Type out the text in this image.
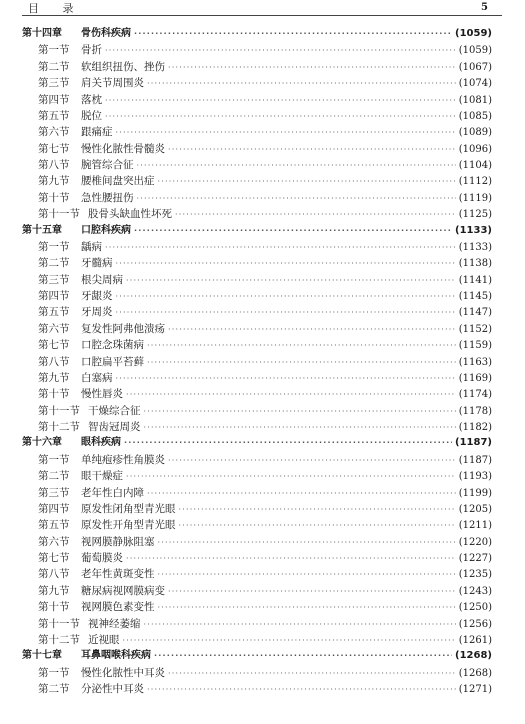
目 录	5
第十四章	骨伤科疾病 ·····	(1059)
第一节	骨折 ·····	(1059)
第二节	软组织扭伤、挫伤 ·····	(1067)
第三节	肩关节周围炎 ·····	(1074)
第四节	落枕 ·····	(1081)
第五节	脱位 ·····	(1085)
第六节	跟痛症 ·····	(1089)
第七节	慢性化脓性骨髓炎 ·····	(1096)
第八节	腕管综合征 ·····	(1104)
第九节	腰椎间盘突出症 ·····	(1112)
第十节	急性腰扭伤 ·····	(1119)
第十一节 股骨头缺血性坏死 ·····	(1125)
第十五章	口腔科疾病 ·····	(1133)
第一节	龋病 ·····	(1133)
第二节	牙髓病 ·····	(1138)
第三节	根尖周病 ·····	(1141)
第四节	牙龈炎 ·····	(1145)
第五节	牙周炎 ·····	(1147)
第六节	复发性阿弗他溃疡 ·····	(1152)
第七节	口腔念珠菌病 ·····	(1159)
第八节	口腔扁平苔藓 ·····	(1163)
第九节	白塞病 ·····	(1169)
第十节	慢性唇炎 ·····	(1174)
第十一节 干燥综合征 ·····	(1178)
第十二节 智齿冠周炎 ·····	(1182)
第十六章	眼科疾病 ·····	(1187)
第一节	单纯疱疹性角膜炎 ·····	(1187)
第二节	眼干燥症 ·····	(1193)
第三节	老年性白内障 ·····	(1199)
第四节	原发性闭角型青光眼 ·····	(1205)
第五节	原发性开角型青光眼 ·····	(1211)
第六节	视网膜静脉阻塞 ·····	(1220)
第七节	葡萄膜炎 ·····	(1227)
第八节	老年性黄斑变性 ·····	(1235)
第九节	糖尿病视网膜病变 ·····	(1243)
第十节	视网膜色素变性 ·····	(1250)
第十一节 视神经萎缩 ·····	(1256)
第十二节 近视眼 ·····	(1261)
第十七章	耳鼻咽喉科疾病 ·····	(1268)
第一节	慢性化脓性中耳炎 ·····	(1268)
第二节	分泌性中耳炎 ·····	(1271)
